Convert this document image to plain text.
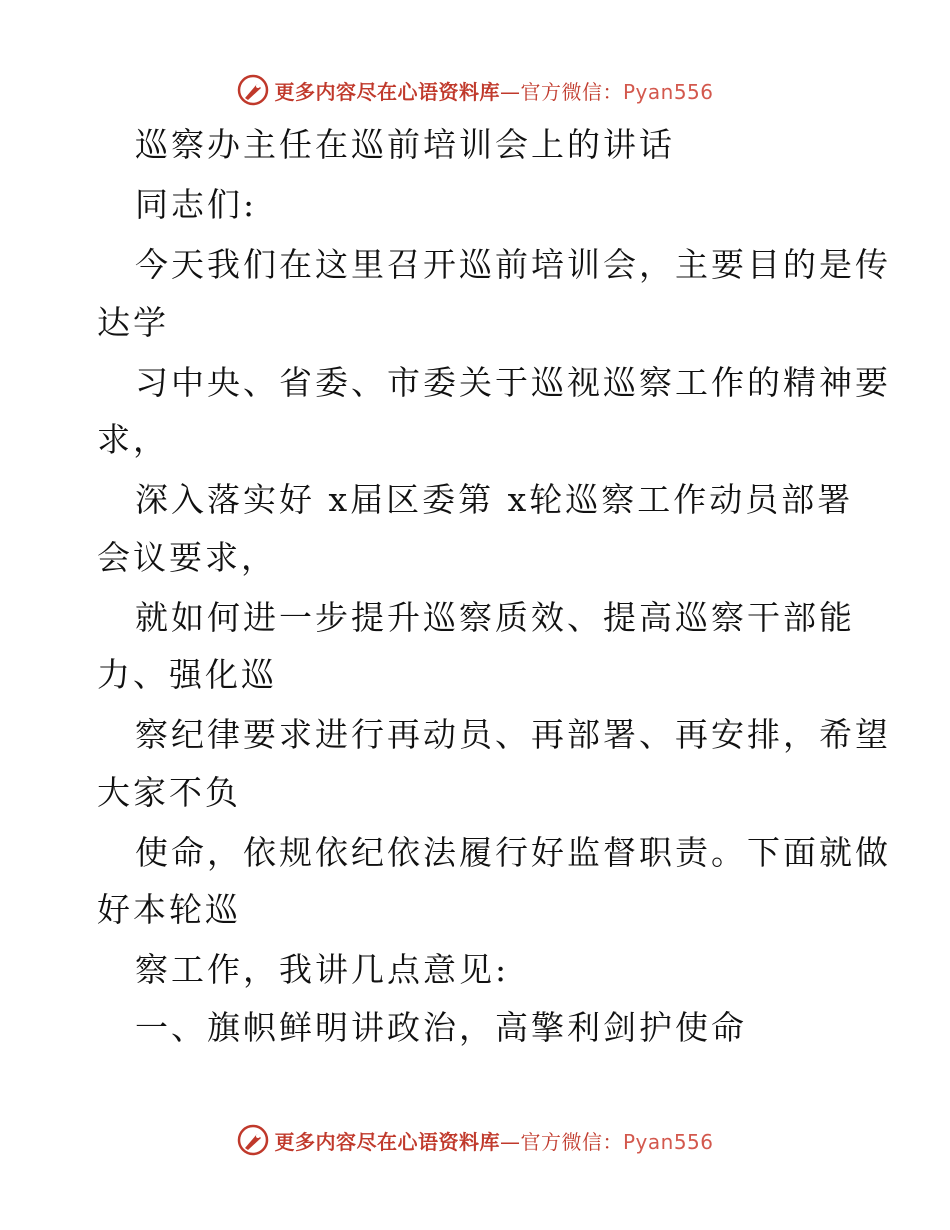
更多内容尽在心语资料库—官方微信：Pyan556
巡察办主任在巡前培训会上的讲话
同志们:
今天我们在这里召开巡前培训会，主要目的是传
达学
习中央、省委、市委关于巡视巡察工作的精神要
求，
深入落实好 x届区委第 x轮巡察工作动员部署
会议要求，
就如何进一步提升巡察质效、提高巡察干部能
力、强化巡
察纪律要求进行再动员、再部署、再安排，希望
大家不负
使命，依规依纪依法履行好监督职责。下面就做
好本轮巡
察工作，我讲几点意见:
一、旗帜鲜明讲政治，高擎利剑护使命
更多内容尽在心语资料库—官方微信：Pyan556
